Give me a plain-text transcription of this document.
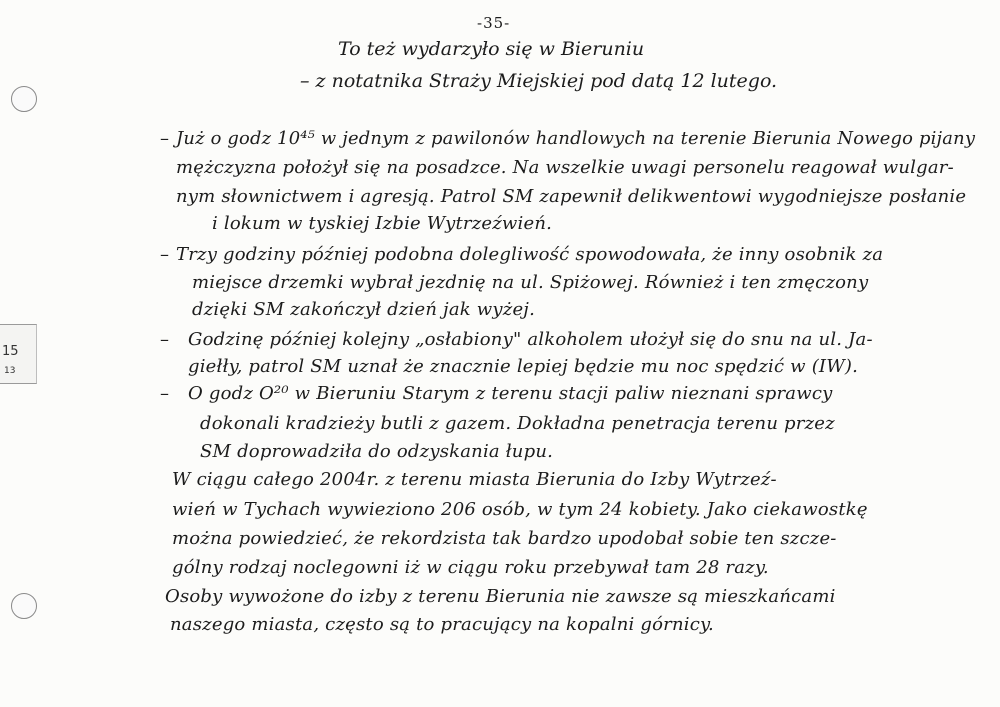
15
13
-35-
To też wydarzyło się w Bieruniu
– z notatnika Straży Miejskiej pod datą 12 lutego.
–
–
–
–
Już o godz 10⁴⁵ w jednym z pawilonów handlowych na terenie Bierunia Nowego pijany
mężczyzna położył się na posadzce. Na wszelkie uwagi personelu reagował wulgar-
nym słownictwem i agresją. Patrol SM zapewnił delikwentowi wygodniejsze posłanie
i lokum w tyskiej Izbie Wytrzeźwień.
Trzy godziny później podobna dolegliwość spowodowała, że inny osobnik za
miejsce drzemki wybrał jezdnię na ul. Spiżowej. Również i ten zmęczony
dzięki SM zakończył dzień jak wyżej.
Godzinę później kolejny „osłabiony" alkoholem ułożył się do snu na ul. Ja-
giełły, patrol SM uznał że znacznie lepiej będzie mu noc spędzić w (IW).
O godz O²⁰ w Bieruniu Starym z terenu stacji paliw nieznani sprawcy
dokonali kradzieży butli z gazem. Dokładna penetracja terenu przez
SM doprowadziła do odzyskania łupu.
W ciągu całego 2004r. z terenu miasta Bierunia do Izby Wytrzeź-
wień w Tychach wywieziono 206 osób, w tym 24 kobiety. Jako ciekawostkę
można powiedzieć, że rekordzista tak bardzo upodobał sobie ten szcze-
gólny rodzaj noclegowni iż w ciągu roku przebywał tam 28 razy.
Osoby wywożone do izby z terenu Bierunia nie zawsze są mieszkańcami
naszego miasta, często są to pracujący na kopalni górnicy.
